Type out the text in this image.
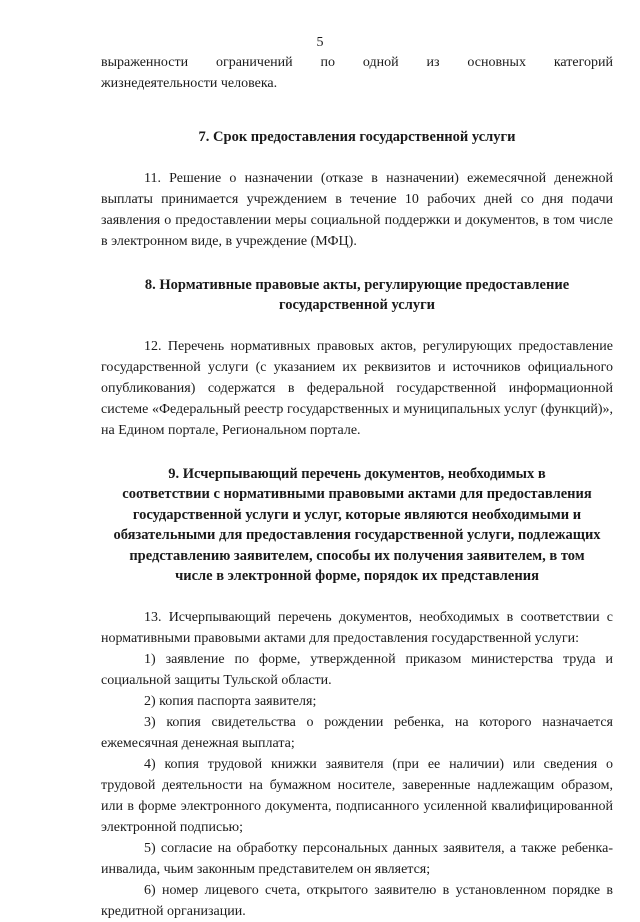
5

выраженности ограничений по одной из основных категорий

жизнедеятельности человека.

7. Срок предоставления государственной услуги

11. Решение о назначении (отказе в назначении) ежемесячной денежной выплаты принимается учреждением в течение 10 рабочих дней со дня подачи заявления о предоставлении меры социальной поддержки и документов, в том числе в электронном виде, в учреждение (МФЦ).

8. Нормативные правовые акты, регулирующие предоставление
государственной услуги

12. Перечень нормативных правовых актов, регулирующих предоставление государственной услуги (с указанием их реквизитов и источников официального опубликования) содержатся в федеральной государственной информационной системе «Федеральный реестр государственных и муниципальных услуг (функций)», на Едином портале, Региональном портале.

9. Исчерпывающий перечень документов, необходимых в
соответствии с нормативными правовыми актами для предоставления
государственной услуги и услуг, которые являются необходимыми и
обязательными для предоставления государственной услуги, подлежащих
представлению заявителем, способы их получения заявителем, в том
числе в электронной форме, порядок их представления

13. Исчерпывающий перечень документов, необходимых в соответствии с нормативными правовыми актами для предоставления государственной услуги:

1) заявление по форме, утвержденной приказом министерства труда и социальной защиты Тульской области.

2) копия паспорта заявителя;

3) копия свидетельства о рождении ребенка, на которого назначается ежемесячная денежная выплата;

4) копия трудовой книжки заявителя (при ее наличии) или сведения о трудовой деятельности на бумажном носителе, заверенные надлежащим образом, или в форме электронного документа, подписанного усиленной квалифицированной электронной подписью;

5) согласие на обработку персональных данных заявителя, а также ребенка-инвалида, чьим законным представителем он является;

6) номер лицевого счета, открытого заявителю в установленном порядке в кредитной организации.
